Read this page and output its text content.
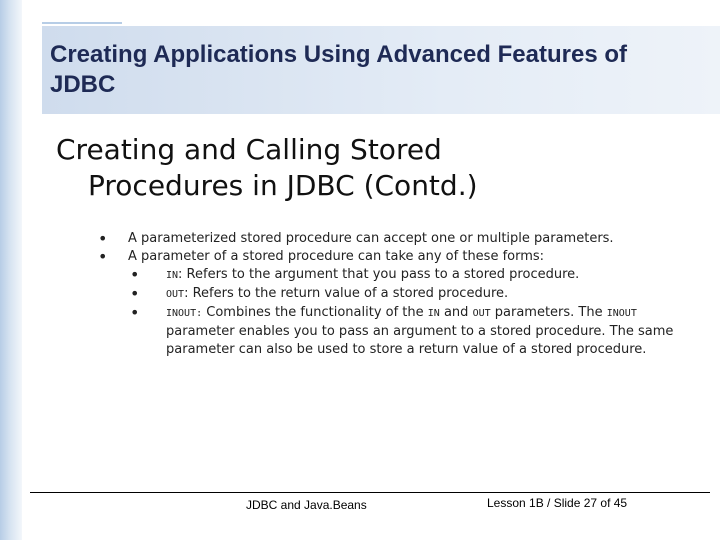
Creating Applications Using Advanced Features of JDBC
Creating and Calling Stored
Procedures in JDBC (Contd.)
• A parameterized stored procedure can accept one or multiple parameters.
• A parameter of a stored procedure can take any of these forms:
•	IN: Refers to the argument that you pass to a stored procedure.
•	OUT: Refers to the return value of a stored procedure.
•	INOUT: Combines the functionality of the IN and OUT parameters. The INOUT parameter enables you to pass an argument to a stored procedure. The same parameter can also be used to store a return value of a stored procedure.
JDBC and Java.Beans	Lesson 1B / Slide 27 of 45
